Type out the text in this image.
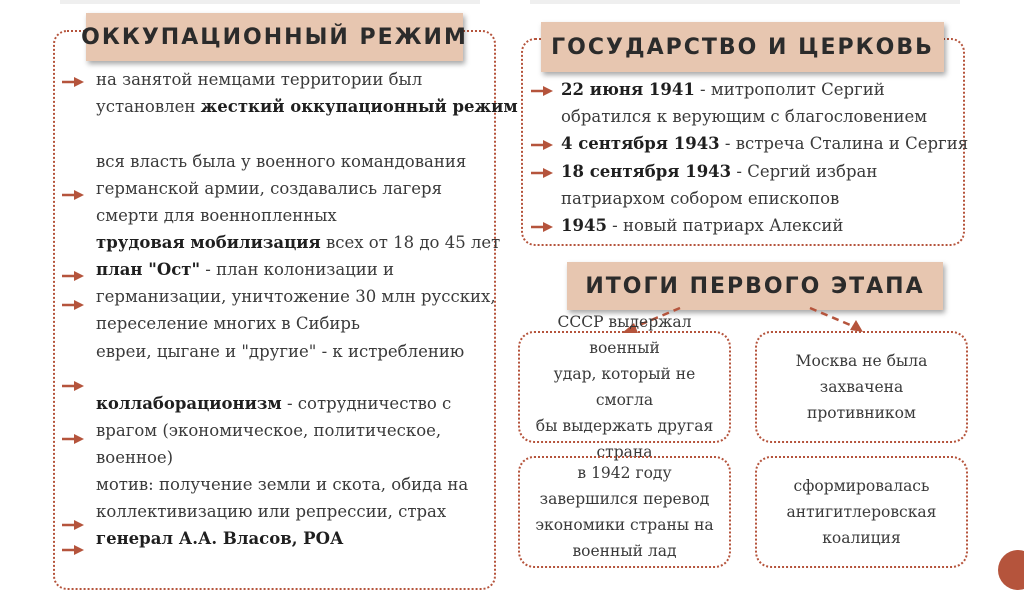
ОККУПАЦИОННЫЙ РЕЖИМ	ГОСУДАРСТВО И ЦЕРКОВЬ
ИТОГИ ПЕРВОГО ЭТАПА
СССР выдержал военный
удар, который не смогла
бы выдержать другая
страна
Москва не была
захвачена
противником
в 1942 году
завершился перевод
экономики страны на
военный лад
сформировалась
антигитлеровская
коалиция
на занятой немцами территории был
установлен жесткий оккупационный режим
вся власть была у военного командования
германской армии, создавались лагеря
смерти для военнопленных
трудовая мобилизация всех от 18 до 45 лет
план "Ост" - план колонизации и
германизации, уничтожение 30 млн русских,
переселение многих в Сибирь
евреи, цыгане и "другие" - к истреблению
коллаборационизм - сотрудничество с
врагом (экономическое, политическое,
военное)
мотив: получение земли и скота, обида на
коллективизацию или репрессии, страх
генерал А.А. Власов, РОА
22 июня 1941 - митрополит Сергий
обратился к верующим с благословением
4 сентября 1943 - встреча Сталина и Сергия
18 сентября 1943 - Сергий избран
патриархом собором епископов
1945 - новый патриарх Алексий
